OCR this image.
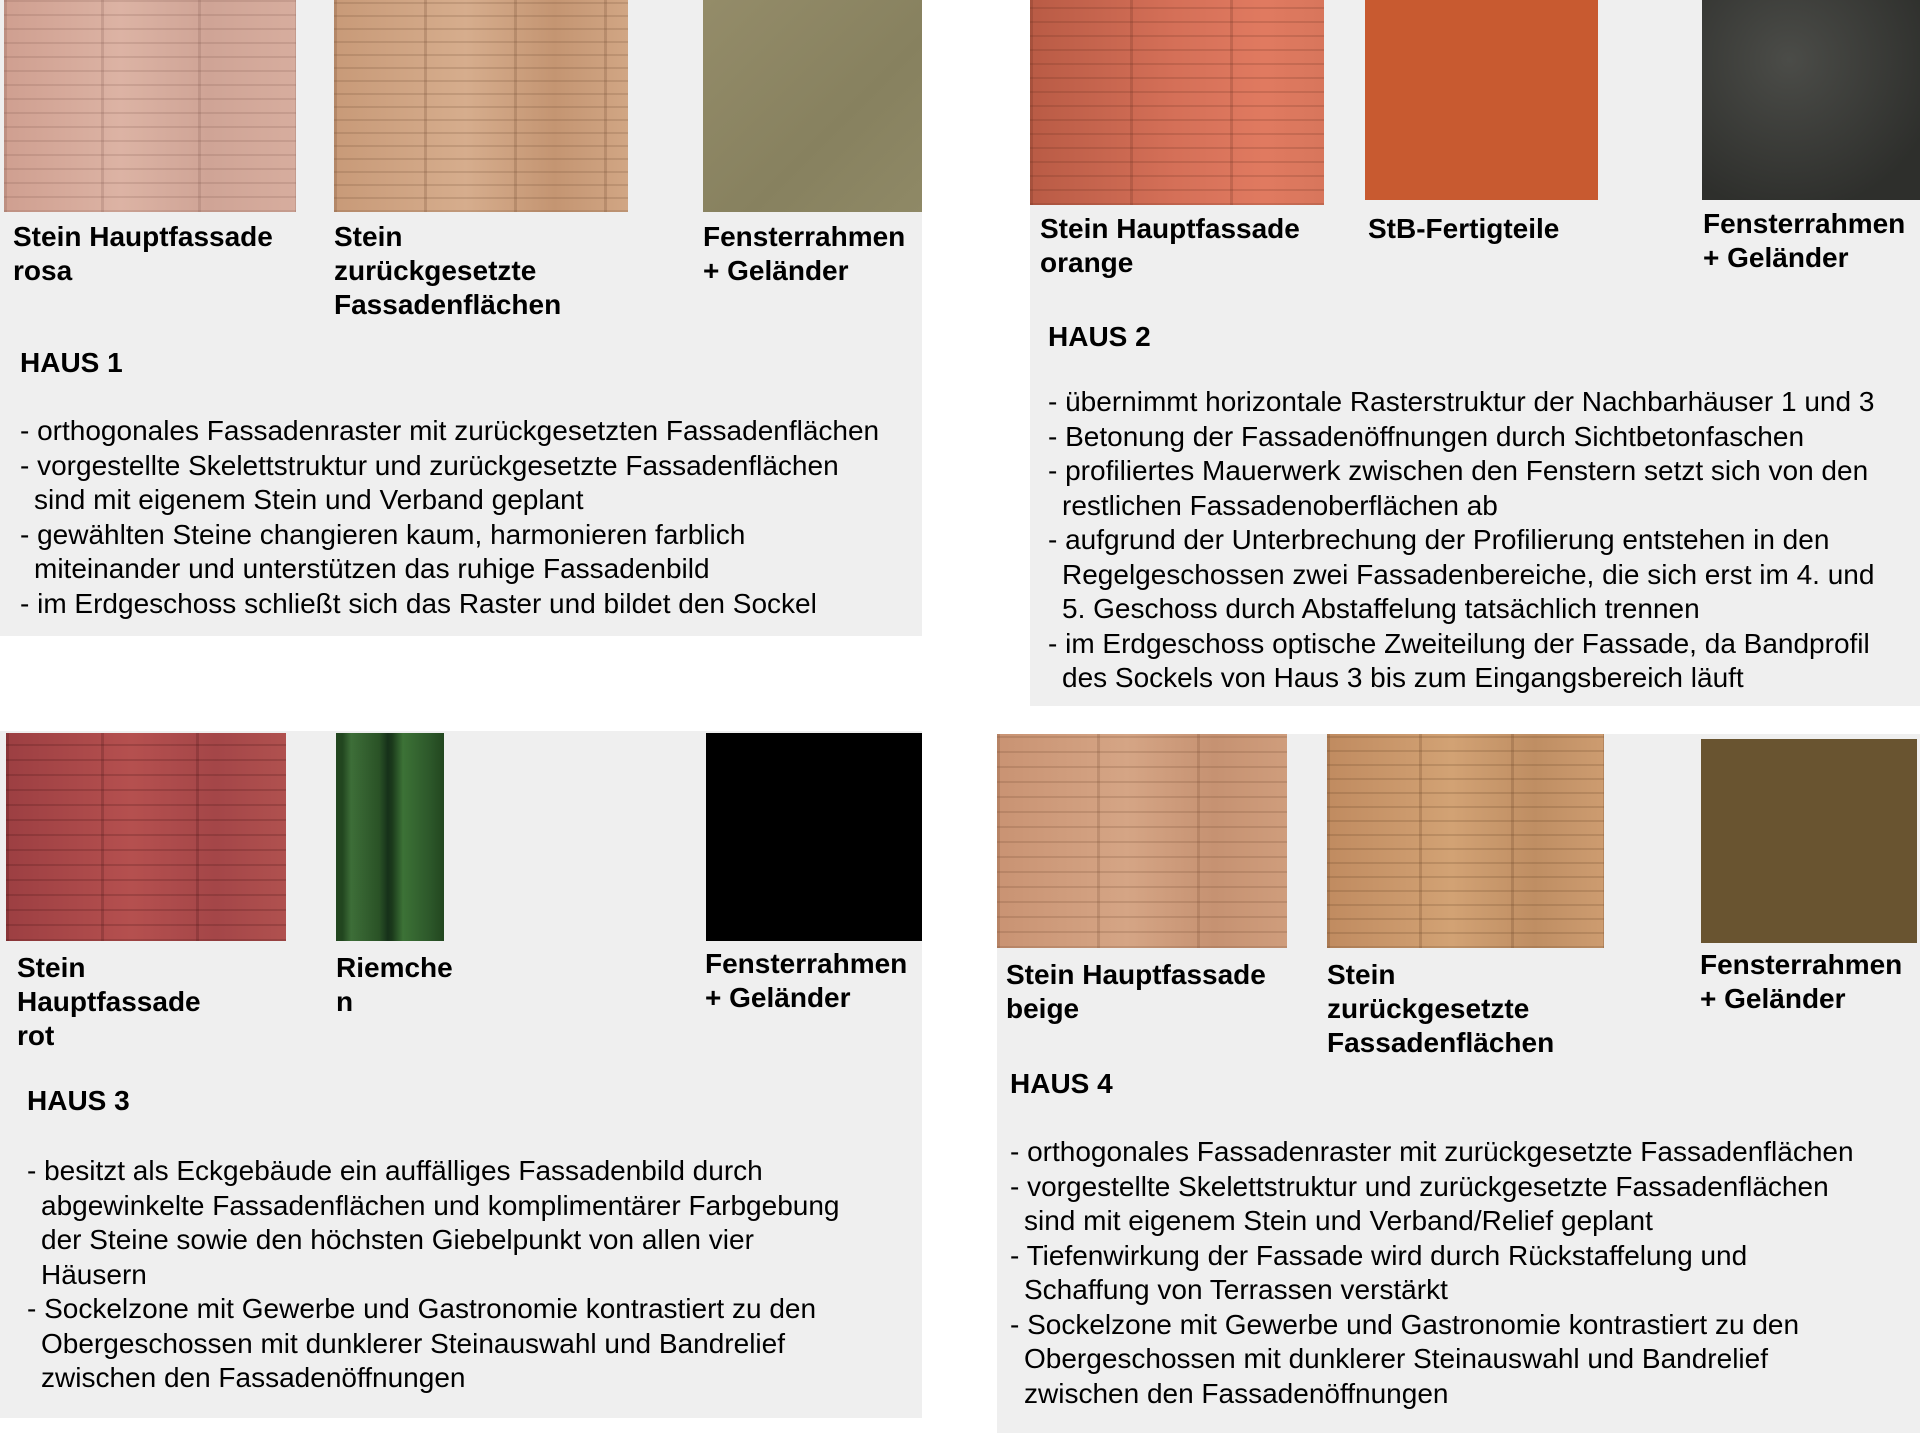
Stein Hauptfassade
rosa
Stein
zurückgesetzte
Fassadenflächen
Fensterrahmen
+ Geländer
HAUS 1
- orthogonales Fassadenraster mit zurückgesetzten Fassadenflächen
- vorgestellte Skelettstruktur und zurückgesetzte Fassadenflächen
sind mit eigenem Stein und Verband geplant
- gewählten Steine changieren kaum, harmonieren farblich
miteinander und unterstützen das ruhige Fassadenbild
- im Erdgeschoss schließt sich das Raster und bildet den Sockel
Stein Hauptfassade
orange
StB-Fertigteile	Fensterrahmen
+ Geländer
HAUS 2
- übernimmt horizontale Rasterstruktur der Nachbarhäuser 1 und 3
- Betonung der Fassadenöffnungen durch Sichtbetonfaschen
- profiliertes Mauerwerk zwischen den Fenstern setzt sich von den
restlichen Fassadenoberflächen ab
- aufgrund der Unterbrechung der Profilierung entstehen in den
Regelgeschossen zwei Fassadenbereiche, die sich erst im 4. und
5. Geschoss durch Abstaffelung tatsächlich trennen
- im Erdgeschoss optische Zweiteilung der Fassade, da Bandprofil
des Sockels von Haus 3 bis zum Eingangsbereich läuft
Stein
Hauptfassade
rot
Riemche
n
Fensterrahmen
+ Geländer
HAUS 3
- besitzt als Eckgebäude ein auffälliges Fassadenbild durch
abgewinkelte Fassadenflächen und komplimentärer Farbgebung
der Steine sowie den höchsten Giebelpunkt von allen vier
Häusern
- Sockelzone mit Gewerbe und Gastronomie kontrastiert zu den
Obergeschossen mit dunklerer Steinauswahl und Bandrelief
zwischen den Fassadenöffnungen
Stein Hauptfassade
beige
Stein
zurückgesetzte
Fassadenflächen
Fensterrahmen
+ Geländer
HAUS 4
- orthogonales Fassadenraster mit zurückgesetzte Fassadenflächen
- vorgestellte Skelettstruktur und zurückgesetzte Fassadenflächen
sind mit eigenem Stein und Verband/Relief geplant
- Tiefenwirkung der Fassade wird durch Rückstaffelung und
Schaffung von Terrassen verstärkt
- Sockelzone mit Gewerbe und Gastronomie kontrastiert zu den
Obergeschossen mit dunklerer Steinauswahl und Bandrelief
zwischen den Fassadenöffnungen
